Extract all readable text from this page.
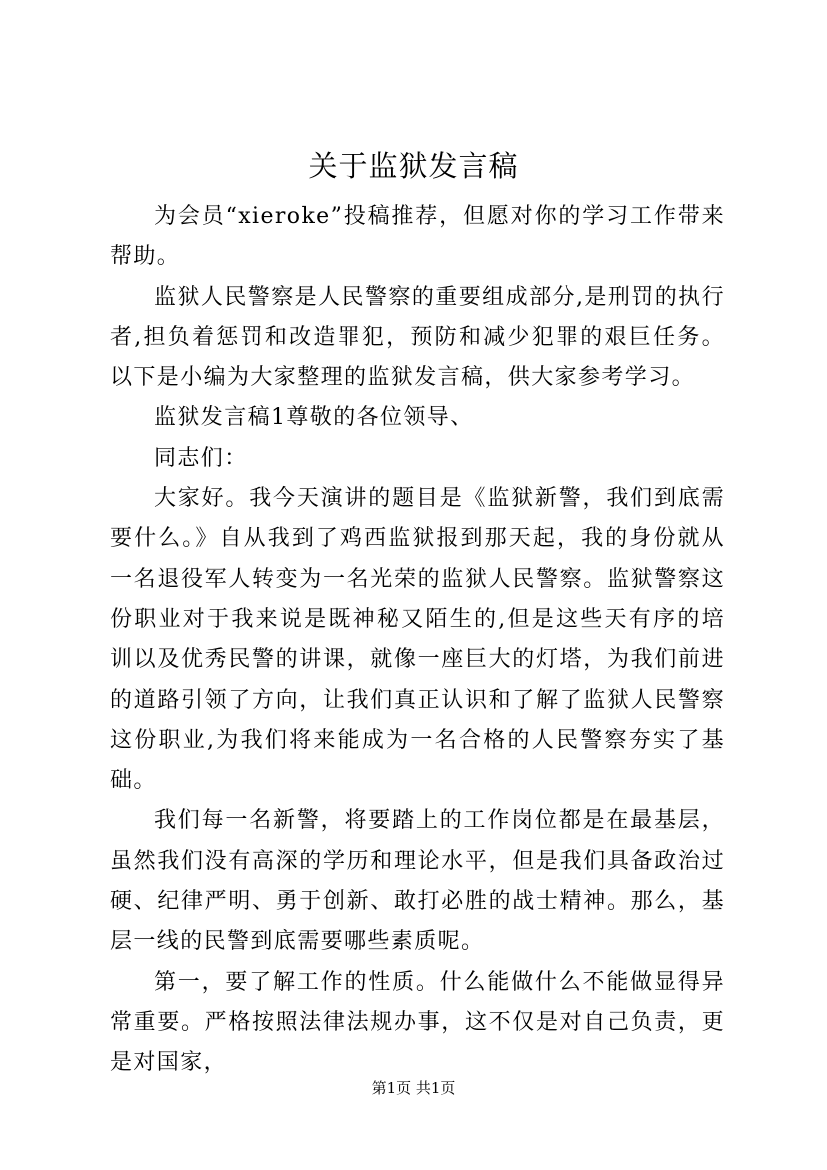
关于监狱发言稿

为会员“xieroke”投稿推荐，但愿对你的学习工作带来帮助。

监狱人民警察是人民警察的重要组成部分,是刑罚的执行者,担负着惩罚和改造罪犯，预防和减少犯罪的艰巨任务。以下是小编为大家整理的监狱发言稿，供大家参考学习。

监狱发言稿1尊敬的各位领导、

同志们：

大家好。我今天演讲的题目是《监狱新警，我们到底需要什么。》自从我到了鸡西监狱报到那天起，我的身份就从一名退役军人转变为一名光荣的监狱人民警察。监狱警察这份职业对于我来说是既神秘又陌生的,但是这些天有序的培训以及优秀民警的讲课，就像一座巨大的灯塔，为我们前进的道路引领了方向，让我们真正认识和了解了监狱人民警察这份职业,为我们将来能成为一名合格的人民警察夯实了基础。

我们每一名新警，将要踏上的工作岗位都是在最基层，虽然我们没有高深的学历和理论水平，但是我们具备政治过硬、纪律严明、勇于创新、敢打必胜的战士精神。那么，基层一线的民警到底需要哪些素质呢。

第一，要了解工作的性质。什么能做什么不能做显得异常重要。严格按照法律法规办事，这不仅是对自己负责，更是对国家，

第1页 共1页
